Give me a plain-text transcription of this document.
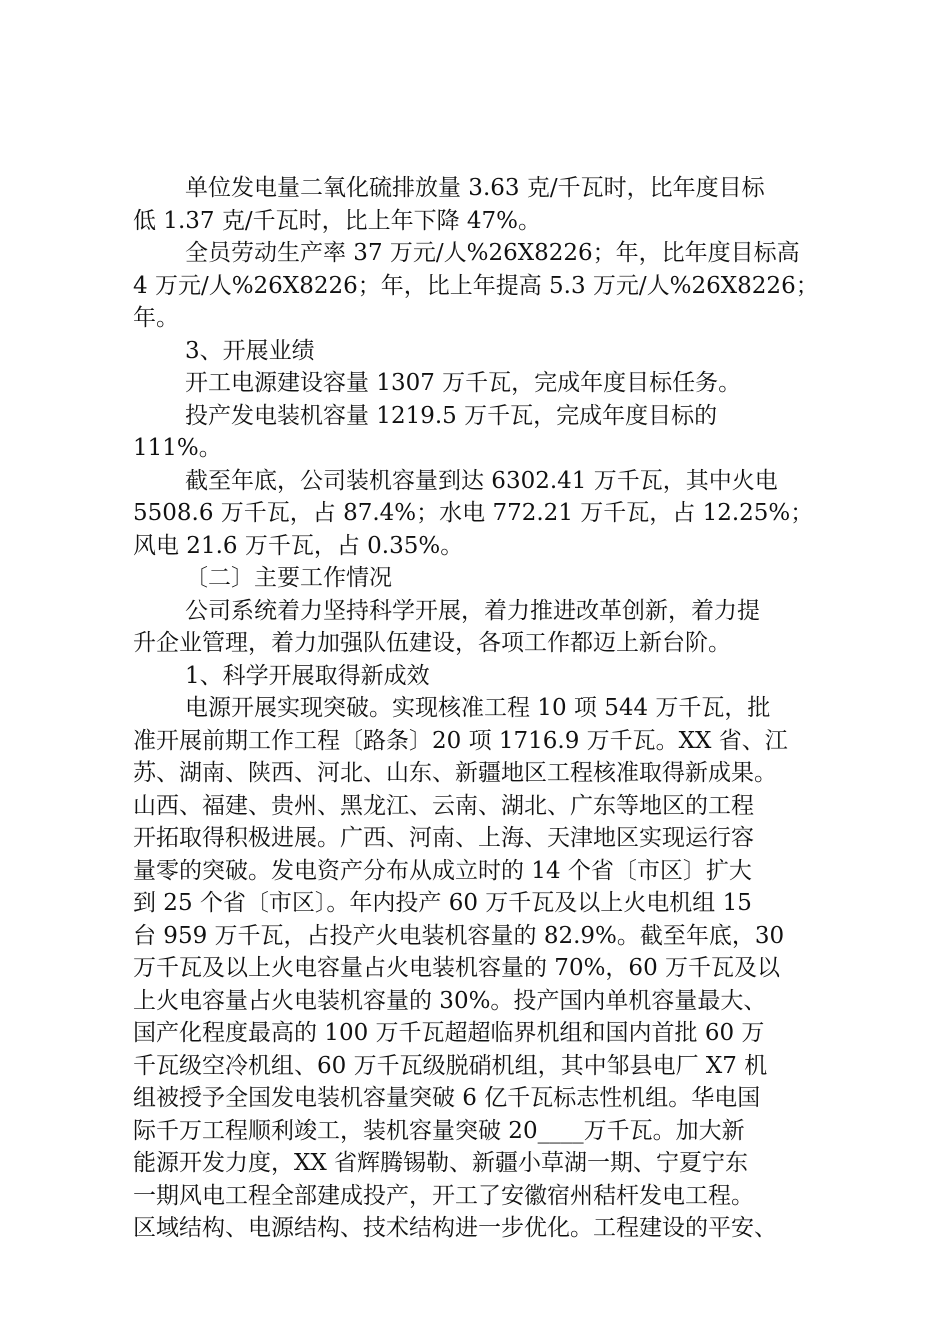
单位发电量二氧化硫排放量 3.63 克/千瓦时，比年度目标
低 1.37 克/千瓦时，比上年下降 47%。
全员劳动生产率 37 万元/人%26X8226；年，比年度目标高
4 万元/人%26X8226；年，比上年提高 5.3 万元/人%26X8226；
年。
3、开展业绩
开工电源建设容量 1307 万千瓦，完成年度目标任务。
投产发电装机容量 1219.5 万千瓦，完成年度目标的
111%。
截至年底，公司装机容量到达 6302.41 万千瓦，其中火电
5508.6 万千瓦，占 87.4%；水电 772.21 万千瓦，占 12.25%；
风电 21.6 万千瓦，占 0.35%。
〔二〕主要工作情况
公司系统着力坚持科学开展，着力推进改革创新，着力提
升企业管理，着力加强队伍建设，各项工作都迈上新台阶。
1、科学开展取得新成效
电源开展实现突破。实现核准工程 10 项 544 万千瓦，批
准开展前期工作工程〔路条〕20 项 1716.9 万千瓦。XX 省、江
苏、湖南、陕西、河北、山东、新疆地区工程核准取得新成果。
山西、福建、贵州、黑龙江、云南、湖北、广东等地区的工程
开拓取得积极进展。广西、河南、上海、天津地区实现运行容
量零的突破。发电资产分布从成立时的 14 个省〔市区〕扩大
到 25 个省〔市区〕。年内投产 60 万千瓦及以上火电机组 15
台 959 万千瓦，占投产火电装机容量的 82.9%。截至年底，30
万千瓦及以上火电容量占火电装机容量的 70%，60 万千瓦及以
上火电容量占火电装机容量的 30%。投产国内单机容量最大、
国产化程度最高的 100 万千瓦超超临界机组和国内首批 60 万
千瓦级空冷机组、60 万千瓦级脱硝机组，其中邹县电厂 X7 机
组被授予全国发电装机容量突破 6 亿千瓦标志性机组。华电国
际千万工程顺利竣工，装机容量突破 20____万千瓦。加大新
能源开发力度，XX 省辉腾锡勒、新疆小草湖一期、宁夏宁东
一期风电工程全部建成投产，开工了安徽宿州秸杆发电工程。
区域结构、电源结构、技术结构进一步优化。工程建设的平安、
